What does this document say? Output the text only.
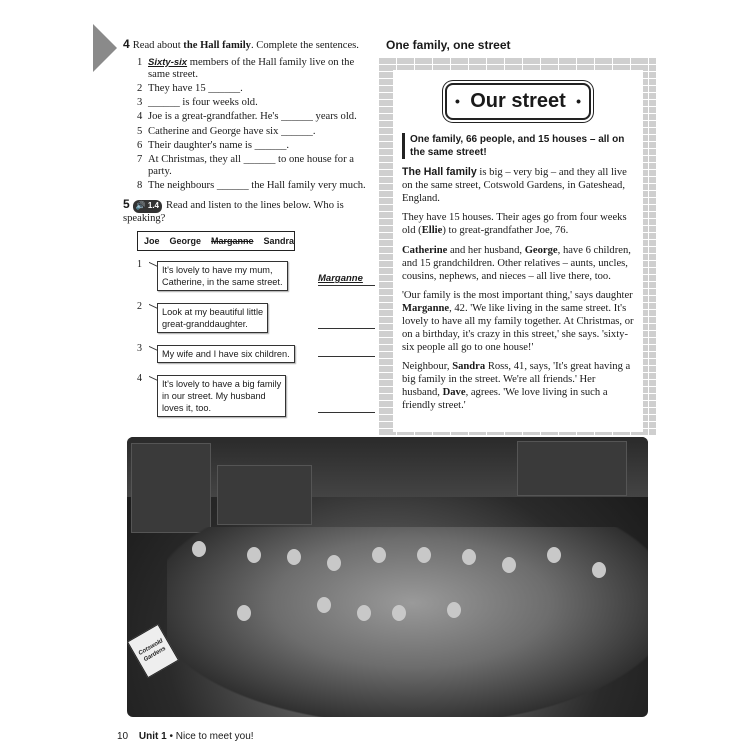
4 Read about the Hall family. Complete the sentences.
1 Sixty-six members of the Hall family live on the same street.
2 They have 15 ______.
3 ______ is four weeks old.
4 Joe is a great-grandfather. He's ______ years old.
5 Catherine and George have six ______.
6 Their daughter's name is ______.
7 At Christmas, they all ______ to one house for a party.
8 The neighbours ______ the Hall family very much.
5 🔊 1.4 Read and listen to the lines below. Who is speaking?
Joe George Marganne Sandra
1 It's lovely to have my mum,
Catherine, in the same street.	Marganne
2 Look at my beautiful little
great-granddaughter.
3 My wife and I have six children.
4 It's lovely to have a big family
in our street. My husband
loves it, too.
One family, one street
• Our street •
One family, 66 people, and 15 houses – all on the same street!

The Hall family is big – very big – and they all live on the same street, Cotswold Gardens, in Gateshead, England.

They have 15 houses. Their ages go from four weeks old (Ellie) to great-grandfather Joe, 76.

Catherine and her husband, George, have 6 children, and 15 grandchildren. Other relatives – aunts, uncles, cousins, nephews, and nieces – all live there, too.

'Our family is the most important thing,' says daughter Marganne, 42. 'We like living in the same street. It's lovely to have all my family together. At Christmas, or on a birthday, it's crazy in this street,' she says. 'sixty-six people all go to one house!'

Neighbour, Sandra Ross, 41, says, 'It's great having a big family in the street. We're all friends.' Her husband, Dave, agrees. 'We love living in such a friendly street.'

Cotswold Gardens
10 Unit 1 • Nice to meet you!
